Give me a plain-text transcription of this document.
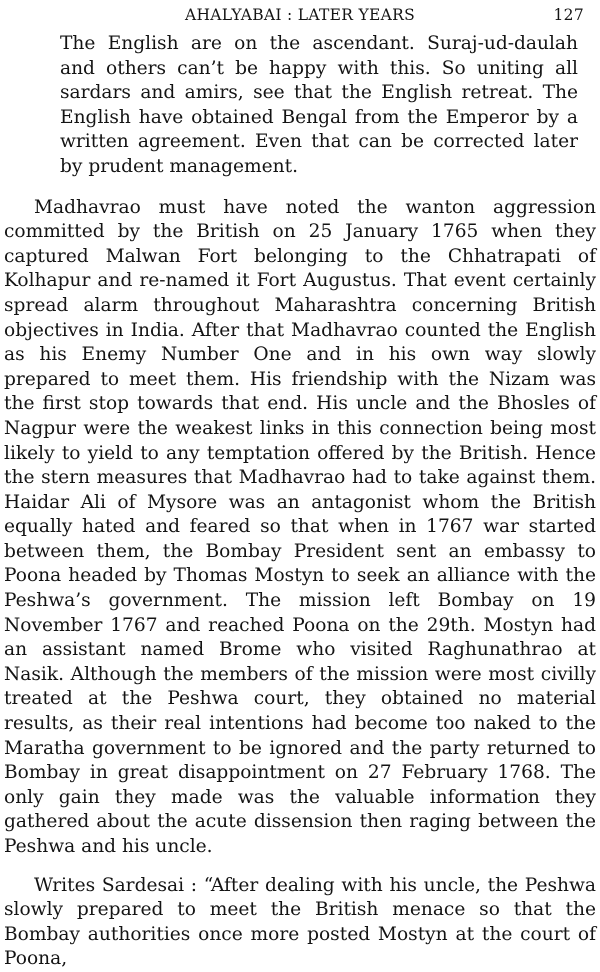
AHALYABAI : LATER YEARS	127

The English are on the ascendant. Suraj-ud-daulah and others can’t be happy with this. So uniting all sardars and amirs, see that the English retreat. The English have obtained Bengal from the Emperor by a written agreement. Even that can be corrected later by prudent management.

Madhavrao must have noted the wanton aggression committed by the British on 25 January 1765 when they captured Malwan Fort belonging to the Chhatrapati of Kolhapur and re-named it Fort Augustus. That event certainly spread alarm throughout Maharashtra concerning British objectives in India. After that Madhavrao counted the English as his Enemy Number One and in his own way slowly prepared to meet them. His friendship with the Nizam was the first stop towards that end. His uncle and the Bhosles of Nagpur were the weakest links in this connection being most likely to yield to any temptation offered by the British. Hence the stern measures that Madhavrao had to take against them. Haidar Ali of Mysore was an antagonist whom the British equally hated and feared so that when in 1767 war started between them, the Bombay President sent an embassy to Poona headed by Thomas Mostyn to seek an alliance with the Peshwa’s government. The mission left Bombay on 19 November 1767 and reached Poona on the 29th. Mostyn had an assistant named Brome who visited Raghunathrao at Nasik. Although the members of the mission were most civilly treated at the Peshwa court, they obtained no material results, as their real intentions had become too naked to the Maratha government to be ignored and the party returned to Bombay in great disappointment on 27 February 1768. The only gain they made was the valuable information they gathered about the acute dissension then raging between the Peshwa and his uncle.

Writes Sardesai : “After dealing with his uncle, the Peshwa slowly prepared to meet the British menace so that the Bombay authorities once more posted Mostyn at the court of Poona,
